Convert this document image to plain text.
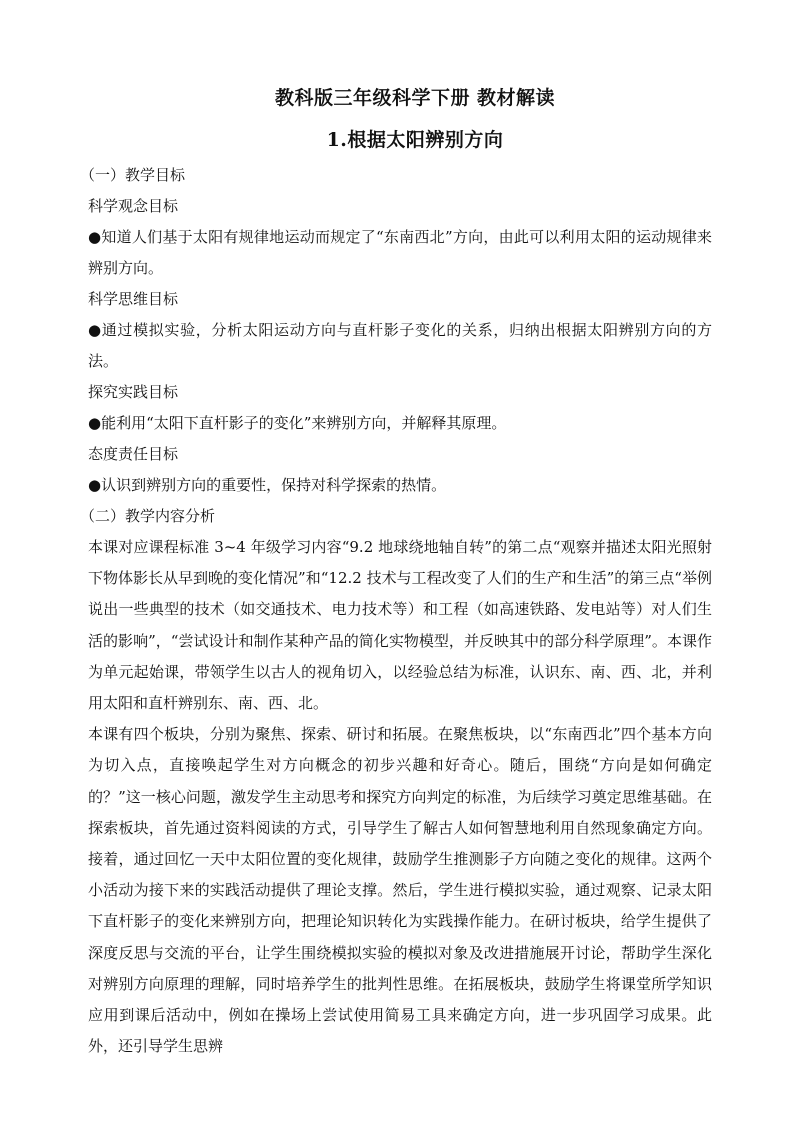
教科版三年级科学下册 教材解读
1.根据太阳辨别方向

（一）教学目标

科学观念目标

●知道人们基于太阳有规律地运动而规定了“东南西北”方向，由此可以利用太阳的运动规律来辨别方向。

科学思维目标

●通过模拟实验，分析太阳运动方向与直杆影子变化的关系，归纳出根据太阳辨别方向的方法。

探究实践目标

●能利用“太阳下直杆影子的变化”来辨别方向，并解释其原理。

态度责任目标

●认识到辨别方向的重要性，保持对科学探索的热情。

（二）教学内容分析

本课对应课程标准 3~4 年级学习内容“9.2 地球绕地轴自转”的第二点“观察并描述太阳光照射下物体影长从早到晚的变化情况”和“12.2 技术与工程改变了人们的生产和生活”的第三点“举例说出一些典型的技术（如交通技术、电力技术等）和工程（如高速铁路、发电站等）对人们生活的影响”，“尝试设计和制作某种产品的简化实物模型，并反映其中的部分科学原理”。本课作为单元起始课，带领学生以古人的视角切入，以经验总结为标准，认识东、南、西、北，并利用太阳和直杆辨别东、南、西、北。

本课有四个板块，分别为聚焦、探索、研讨和拓展。在聚焦板块，以“东南西北”四个基本方向为切入点，直接唤起学生对方向概念的初步兴趣和好奇心。随后，围绕“方向是如何确定的？”这一核心问题，激发学生主动思考和探究方向判定的标准，为后续学习奠定思维基础。在探索板块，首先通过资料阅读的方式，引导学生了解古人如何智慧地利用自然现象确定方向。接着，通过回忆一天中太阳位置的变化规律，鼓励学生推测影子方向随之变化的规律。这两个小活动为接下来的实践活动提供了理论支撑。然后，学生进行模拟实验，通过观察、记录太阳下直杆影子的变化来辨别方向，把理论知识转化为实践操作能力。在研讨板块，给学生提供了深度反思与交流的平台，让学生围绕模拟实验的模拟对象及改进措施展开讨论，帮助学生深化对辨别方向原理的理解，同时培养学生的批判性思维。在拓展板块，鼓励学生将课堂所学知识应用到课后活动中，例如在操场上尝试使用简易工具来确定方向，进一步巩固学习成果。此外，还引导学生思辨
